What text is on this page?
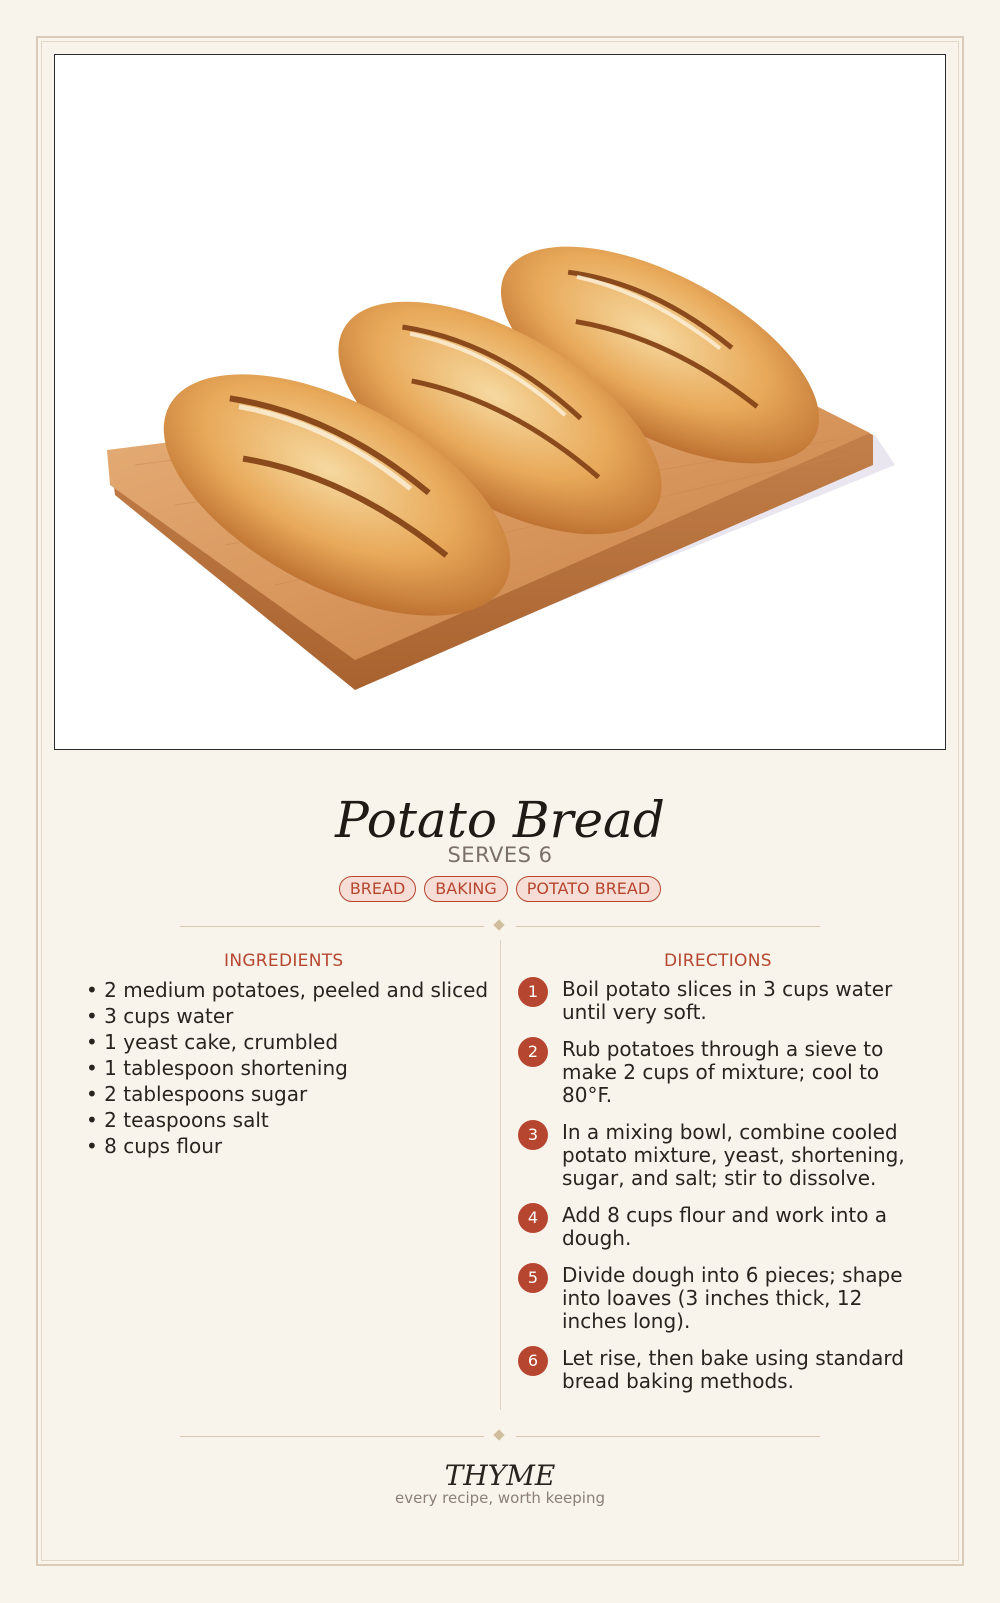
Potato Bread
SERVES 6
BREAD	BAKING	POTATO BREAD
INGREDIENTS
• 2 medium potatoes, peeled and sliced
• 3 cups water
• 1 yeast cake, crumbled
• 1 tablespoon shortening
• 2 tablespoons sugar
• 2 teaspoons salt
• 8 cups flour
DIRECTIONS
1	Boil potato slices in 3 cups water until very soft.
2	Rub potatoes through a sieve to make 2 cups of mixture; cool to 80°F.
3	In a mixing bowl, combine cooled potato mixture, yeast, shortening, sugar, and salt; stir to dissolve.
4	Add 8 cups flour and work into a dough.
5	Divide dough into 6 pieces; shape into loaves (3 inches thick, 12 inches long).
6	Let rise, then bake using standard bread baking methods.
THYME
every recipe, worth keeping
